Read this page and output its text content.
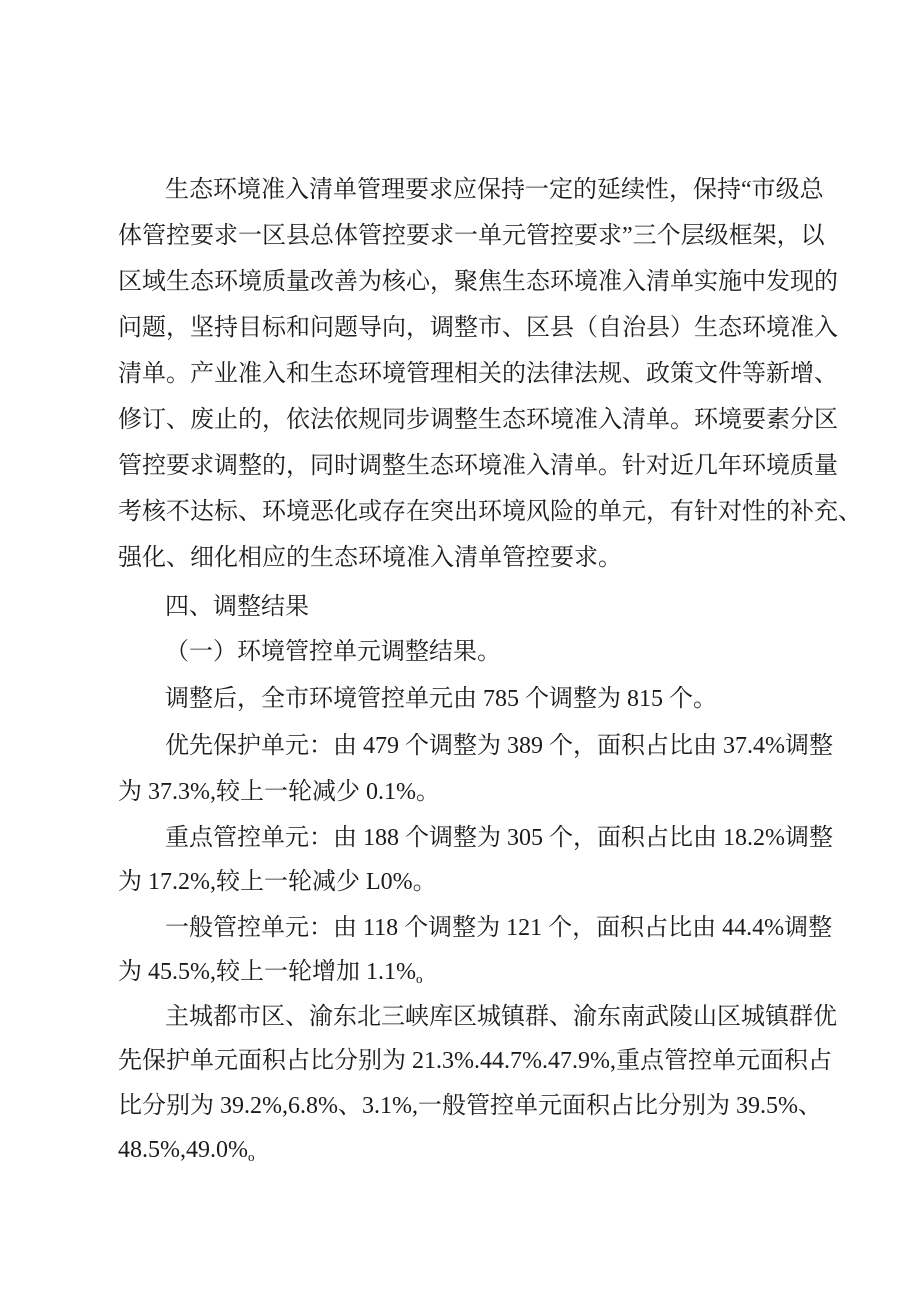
生态环境准入清单管理要求应保持一定的延续性，保持“市级总
体管控要求一区县总体管控要求一单元管控要求”三个层级框架，以
区域生态环境质量改善为核心，聚焦生态环境准入清单实施中发现的
问题，坚持目标和问题导向，调整市、区县（自治县）生态环境准入
清单。产业准入和生态环境管理相关的法律法规、政策文件等新增、
修订、废止的，依法依规同步调整生态环境准入清单。环境要素分区
管控要求调整的，同时调整生态环境准入清单。针对近几年环境质量
考核不达标、环境恶化或存在突出环境风险的单元，有针对性的补充、
强化、细化相应的生态环境准入清单管控要求。
四、调整结果
（一）环境管控单元调整结果。
调整后，全市环境管控单元由 785 个调整为 815 个。
优先保护单元：由 479 个调整为 389 个，面积占比由 37.4%调整
为 37.3%,较上一轮减少 0.1%。
重点管控单元：由 188 个调整为 305 个，面积占比由 18.2%调整
为 17.2%,较上一轮减少 L0%。
一般管控单元：由 118 个调整为 121 个，面积占比由 44.4%调整
为 45.5%,较上一轮增加 1.1%o
主城都市区、渝东北三峡库区城镇群、渝东南武陵山区城镇群优
先保护单元面积占比分别为 21.3%.44.7%.47.9%,重点管控单元面积占
比分别为 39.2%,6.8%、3.1%,一般管控单元面积占比分别为 39.5%、
48.5%,49.0%o
